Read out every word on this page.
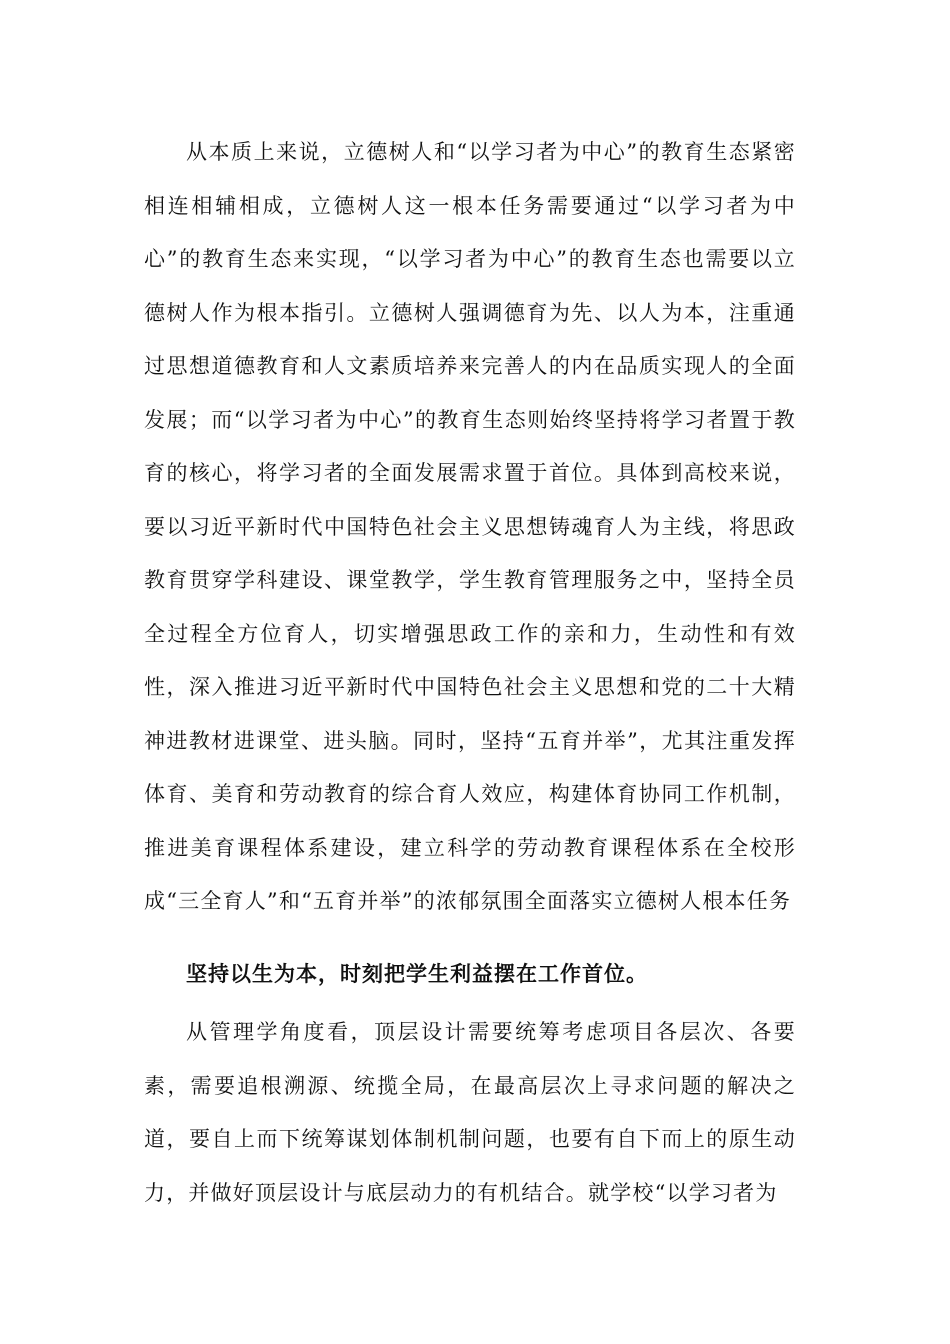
从本质上来说，立德树人和“以学习者为中心”的教育生态紧密相连相辅相成，立德树人这一根本任务需要通过“以学习者为中心”的教育生态来实现，“以学习者为中心”的教育生态也需要以立德树人作为根本指引。立德树人强调德育为先、以人为本，注重通过思想道德教育和人文素质培养来完善人的内在品质实现人的全面发展；而“以学习者为中心”的教育生态则始终坚持将学习者置于教育的核心，将学习者的全面发展需求置于首位。具体到高校来说，要以习近平新时代中国特色社会主义思想铸魂育人为主线，将思政教育贯穿学科建设、课堂教学，学生教育管理服务之中，坚持全员全过程全方位育人，切实增强思政工作的亲和力，生动性和有效性，深入推进习近平新时代中国特色社会主义思想和党的二十大精神进教材进课堂、进头脑。同时，坚持“五育并举”，尤其注重发挥体育、美育和劳动教育的综合育人效应，构建体育协同工作机制，推进美育课程体系建设，建立科学的劳动教育课程体系在全校形成“三全育人”和“五育并举”的浓郁氛围全面落实立德树人根本任务

坚持以生为本，时刻把学生利益摆在工作首位。

从管理学角度看，顶层设计需要统筹考虑项目各层次、各要素，需要追根溯源、统揽全局，在最高层次上寻求问题的解决之道，要自上而下统筹谋划体制机制问题，也要有自下而上的原生动力，并做好顶层设计与底层动力的有机结合。就学校“以学习者为
